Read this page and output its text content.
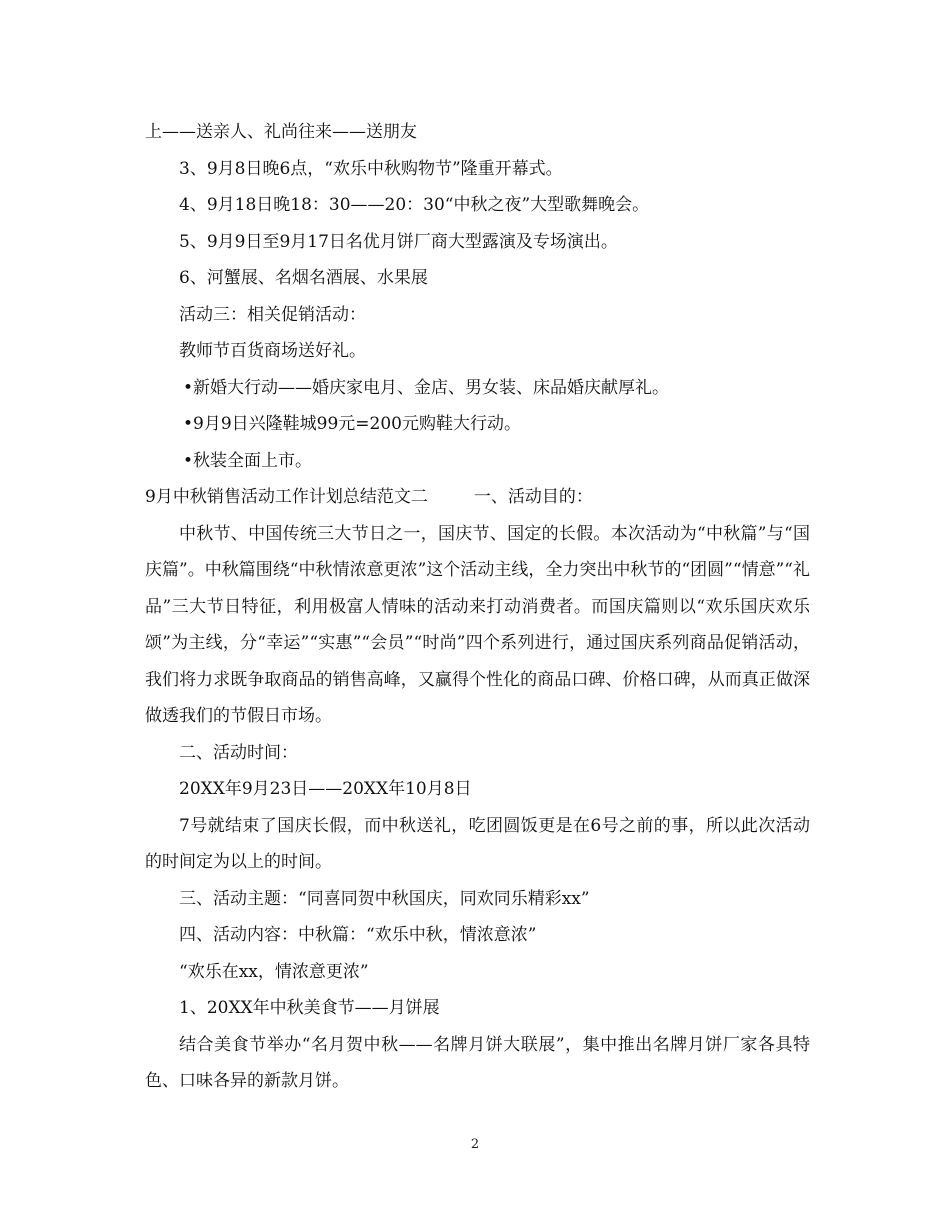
上——送亲人、礼尚往来——送朋友

3、9月8日晚6点，“欢乐中秋购物节”隆重开幕式。

4、9月18日晚18：30——20：30“中秋之夜”大型歌舞晚会。

5、9月9日至9月17日名优月饼厂商大型露演及专场演出。

6、河蟹展、名烟名酒展、水果展

活动三：相关促销活动：

教师节百货商场送好礼。

•新婚大行动——婚庆家电月、金店、男女装、床品婚庆献厚礼。

•9月9日兴隆鞋城99元=200元购鞋大行动。

•秋装全面上市。

9月中秋销售活动工作计划总结范文二	一、活动目的：

中秋节、中国传统三大节日之一，国庆节、国定的长假。本次活动为“中秋篇”与“国庆篇”。中秋篇围绕“中秋情浓意更浓”这个活动主线，全力突出中秋节的“团圆”“情意”“礼品”三大节日特征，利用极富人情味的活动来打动消费者。而国庆篇则以“欢乐国庆欢乐颂”为主线，分“幸运”“实惠”“会员”“时尚”四个系列进行，通过国庆系列商品促销活动，我们将力求既争取商品的销售高峰，又赢得个性化的商品口碑、价格口碑，从而真正做深做透我们的节假日市场。

二、活动时间：

20XX年9月23日——20XX年10月8日

7号就结束了国庆长假，而中秋送礼，吃团圆饭更是在6号之前的事，所以此次活动的时间定为以上的时间。

三、活动主题：“同喜同贺中秋国庆，同欢同乐精彩xx”

四、活动内容：中秋篇：“欢乐中秋，情浓意浓”

“欢乐在xx，情浓意更浓”

1、20XX年中秋美食节——月饼展

结合美食节举办“名月贺中秋——名牌月饼大联展”，集中推出名牌月饼厂家各具特色、口味各异的新款月饼。

2
